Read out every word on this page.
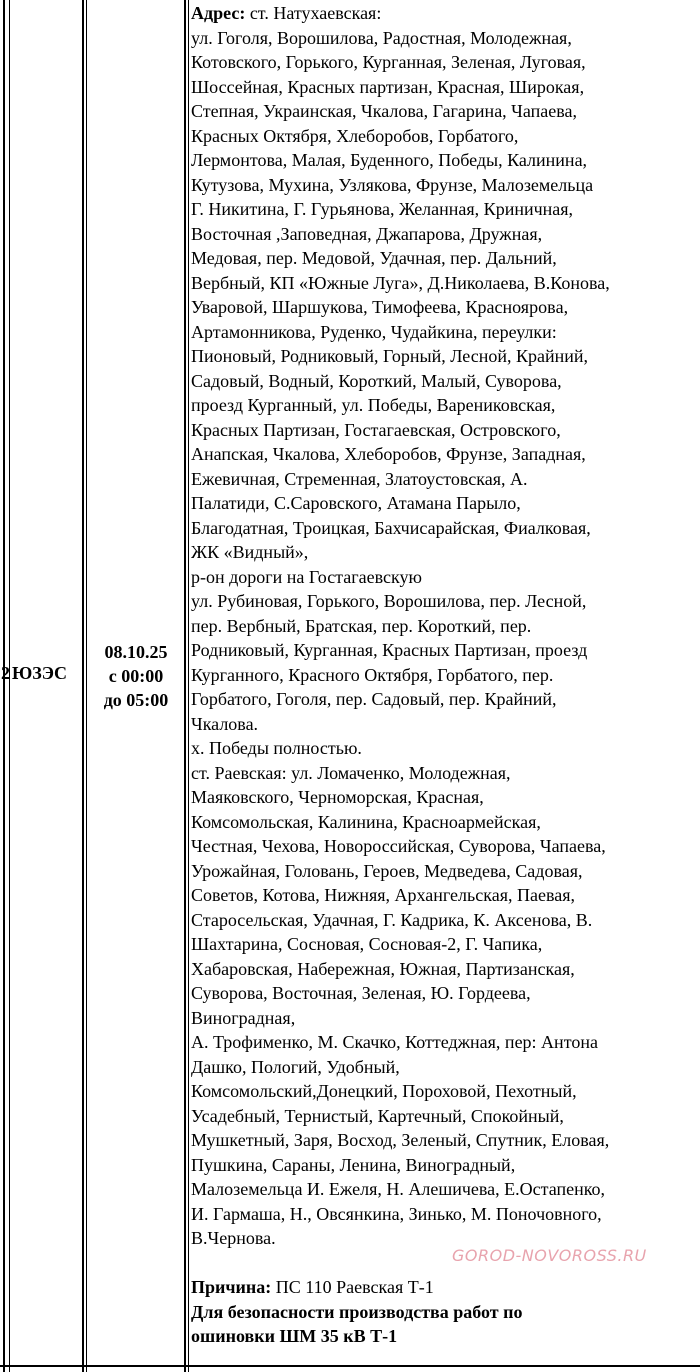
2 ЮЗЭС
08.10.25
с 00:00
до 05:00
Адрес: ст. Натухаевская:
ул. Гоголя, Ворошилова, Радостная, Молодежная,
Котовского, Горького, Курганная, Зеленая, Луговая,
Шоссейная, Красных партизан, Красная, Широкая,
Степная, Украинская, Чкалова, Гагарина, Чапаева,
Красных Октября, Хлеборобов, Горбатого,
Лермонтова, Малая, Буденного, Победы, Калинина,
Кутузова, Мухина, Узлякова, Фрунзе, Малоземельца
Г. Никитина, Г. Гурьянова, Желанная, Криничная,
Восточная ,Заповедная, Джапарова, Дружная,
Медовая, пер. Медовой, Удачная, пер. Дальний,
Вербный, КП «Южные Луга», Д.Николаева, В.Конова,
Уваровой, Шаршукова, Тимофеева, Краснояровa,
Артамонникова, Руденко, Чудайкина, переулки:
Пионовый, Родниковый, Горный, Лесной, Крайний,
Садовый, Водный, Короткий, Малый, Суворова,
проезд Курганный, ул. Победы, Варениковская,
Красных Партизан, Гостагаевская, Островского,
Анапская, Чкалова, Хлеборобов, Фрунзе, Западная,
Ежевичная, Стременная, Златоустовская, А.
Палатиди, С.Саровского, Атамана Парыло,
Благодатная, Троицкая, Бахчисарайская, Фиалковая,
ЖК «Видный»,
р-он дороги на Гостагаевскую
ул. Рубиновая, Горького, Ворошилова, пер. Лесной,
пер. Вербный, Братская, пер. Короткий, пер.
Родниковый, Курганная, Красных Партизан, проезд
Курганного, Красного Октября, Горбатого, пер.
Горбатого, Гоголя, пер. Садовый, пер. Крайний,
Чкалова.
х. Победы полностью.
ст. Раевская: ул. Ломаченко, Молодежная,
Маяковского, Черноморская, Красная,
Комсомольская, Калинина, Красноармейская,
Честная, Чехова, Новороссийская, Суворова, Чапаева,
Урожайная, Головань, Героев, Медведева, Садовая,
Советов, Котова, Нижняя, Архангельская, Паевая,
Старосельская, Удачная, Г. Кадрика, К. Аксенова, В.
Шахтарина, Сосновая, Сосновая-2, Г. Чапика,
Хабаровская, Набережная, Южная, Партизанская,
Суворова, Восточная, Зеленая, Ю. Гордеева,
Виноградная,
А. Трофименко, М. Скачко, Коттеджная, пер: Антона
Дашко, Пологий, Удобный,
Комсомольский,Донецкий, Пороховой, Пехотный,
Усадебный, Тернистый, Картечный, Спокойный,
Мушкетный, Заря, Восход, Зеленый, Спутник, Еловая,
Пушкина, Сараны, Ленина, Виноградный,
Малоземельца И. Ежеля, Н. Алешичева, Е.Остапенко,
И. Гармаша, Н., Овсянкина, Зинько, М. Поночовного,
В.Чернова.
Причина: ПС 110 Раевская Т-1
Для безопасности производства работ по
ошиновки ШМ 35 кВ Т-1
GOROD-NOVOROSS.RU
